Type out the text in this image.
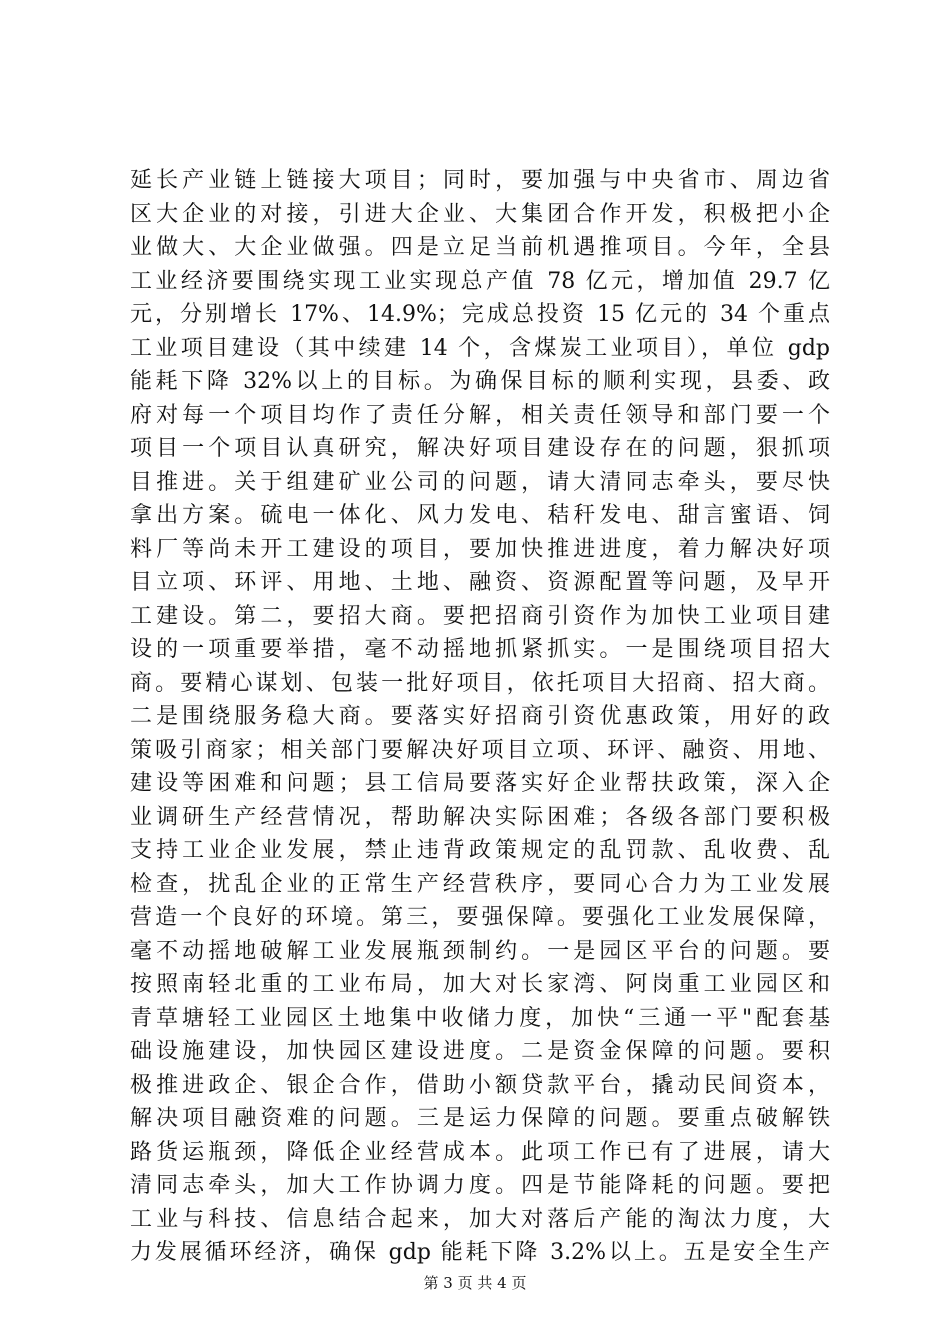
延长产业链上链接大项目；同时，要加强与中央省市、周边省
区大企业的对接，引进大企业、大集团合作开发，积极把小企
业做大、大企业做强。四是立足当前机遇推项目。今年，全县
工业经济要围绕实现工业实现总产值 78 亿元，增加值 29.7 亿
元，分别增长 17%、14.9%；完成总投资 15 亿元的 34 个重点
工业项目建设（其中续建 14 个，含煤炭工业项目），单位 gdp
能耗下降 32%以上的目标。为确保目标的顺利实现，县委、政
府对每一个项目均作了责任分解，相关责任领导和部门要一个
项目一个项目认真研究，解决好项目建设存在的问题，狠抓项
目推进。关于组建矿业公司的问题，请大清同志牵头，要尽快
拿出方案。硫电一体化、风力发电、秸秆发电、甜言蜜语、饲
料厂等尚未开工建设的项目，要加快推进进度，着力解决好项
目立项、环评、用地、土地、融资、资源配置等问题，及早开
工建设。第二，要招大商。要把招商引资作为加快工业项目建
设的一项重要举措，毫不动摇地抓紧抓实。一是围绕项目招大
商。要精心谋划、包装一批好项目，依托项目大招商、招大商。
二是围绕服务稳大商。要落实好招商引资优惠政策，用好的政
策吸引商家；相关部门要解决好项目立项、环评、融资、用地、
建设等困难和问题；县工信局要落实好企业帮扶政策，深入企
业调研生产经营情况，帮助解决实际困难；各级各部门要积极
支持工业企业发展，禁止违背政策规定的乱罚款、乱收费、乱
检查，扰乱企业的正常生产经营秩序，要同心合力为工业发展
营造一个良好的环境。第三，要强保障。要强化工业发展保障，
毫不动摇地破解工业发展瓶颈制约。一是园区平台的问题。要
按照南轻北重的工业布局，加大对长家湾、阿岗重工业园区和
青草塘轻工业园区土地集中收储力度，加快“三通一平"配套基
础设施建设，加快园区建设进度。二是资金保障的问题。要积
极推进政企、银企合作，借助小额贷款平台，撬动民间资本，
解决项目融资难的问题。三是运力保障的问题。要重点破解铁
路货运瓶颈，降低企业经营成本。此项工作已有了进展，请大
清同志牵头，加大工作协调力度。四是节能降耗的问题。要把
工业与科技、信息结合起来，加大对落后产能的淘汰力度，大
力发展循环经济，确保 gdp 能耗下降 3.2%以上。五是安全生产
第 3 页 共 4 页
